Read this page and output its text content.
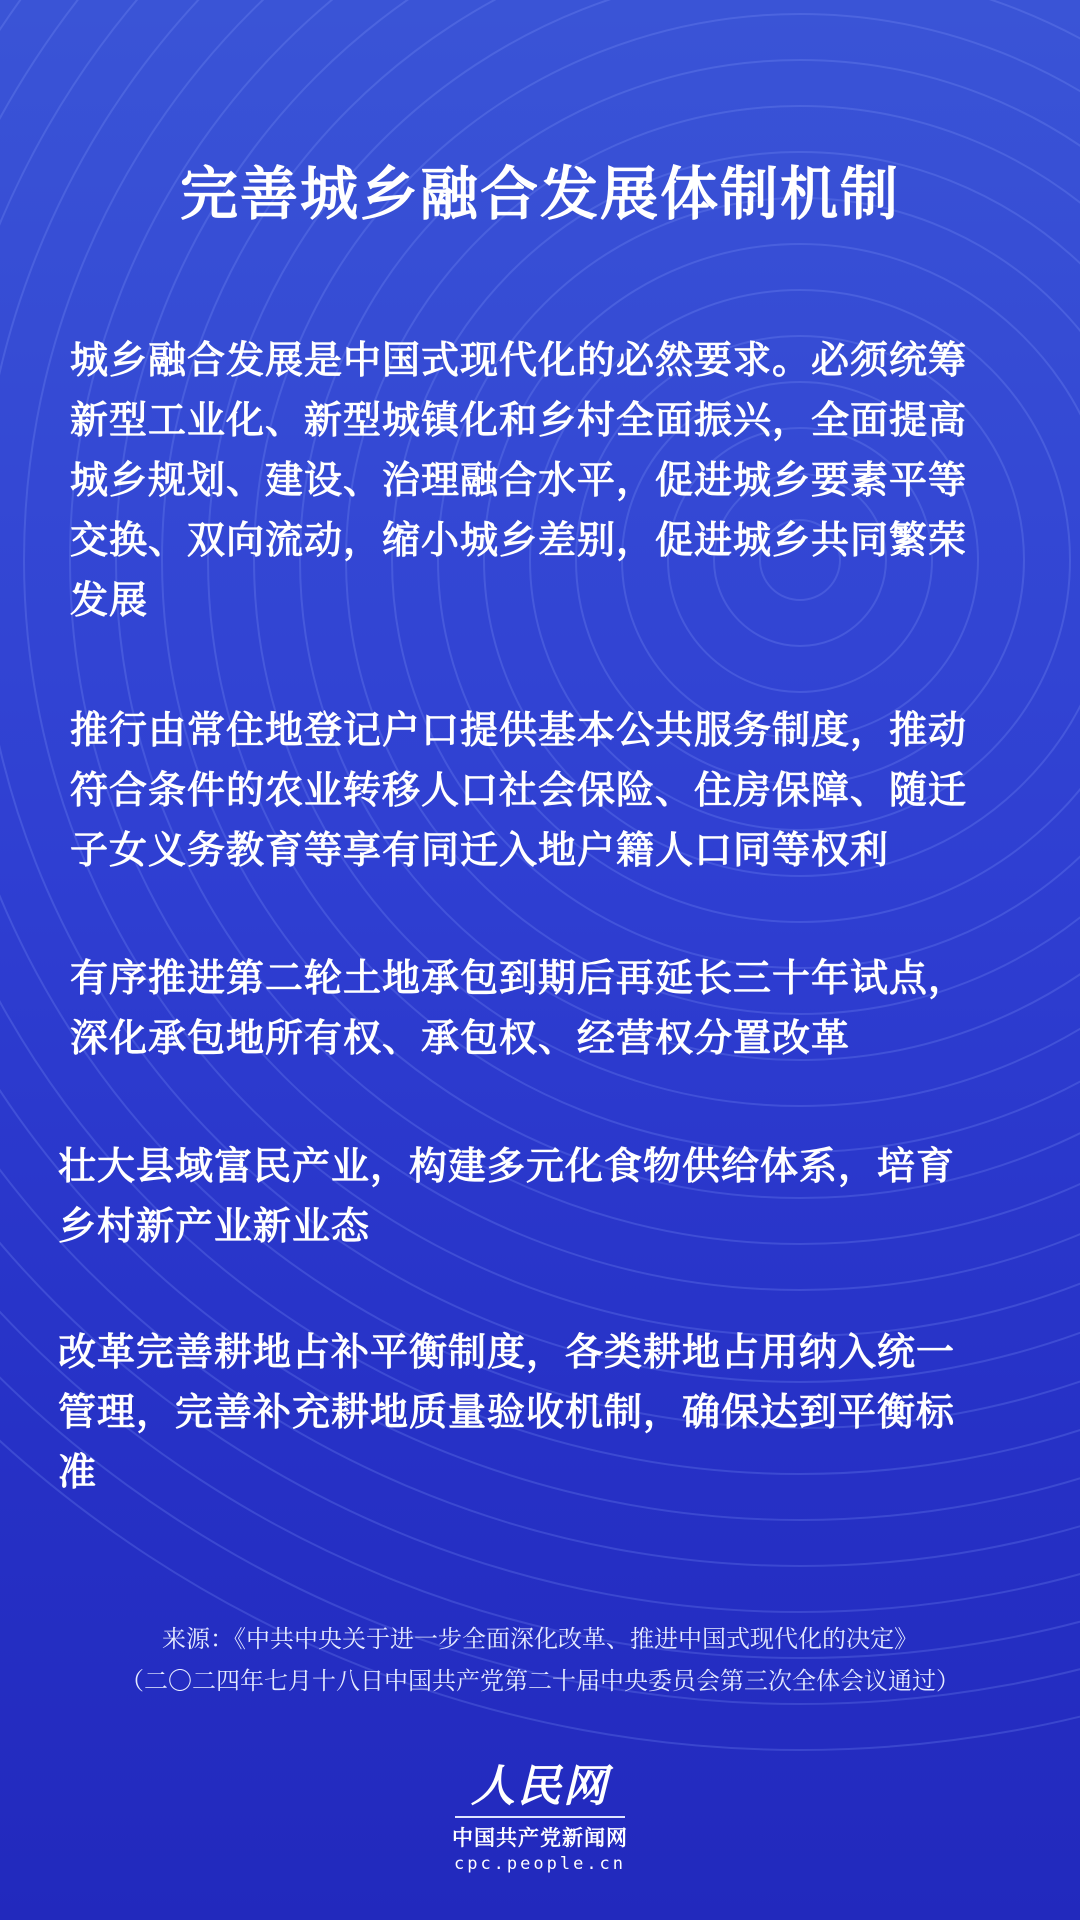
完善城乡融合发展体制机制
城乡融合发展是中国式现代化的必然要求。必须统筹
新型工业化、新型城镇化和乡村全面振兴，全面提高
城乡规划、建设、治理融合水平，促进城乡要素平等
交换、双向流动，缩小城乡差别，促进城乡共同繁荣
发展
推行由常住地登记户口提供基本公共服务制度，推动
符合条件的农业转移人口社会保险、住房保障、随迁
子女义务教育等享有同迁入地户籍人口同等权利
有序推进第二轮土地承包到期后再延长三十年试点，
深化承包地所有权、承包权、经营权分置改革
壮大县域富民产业，构建多元化食物供给体系，培育
乡村新产业新业态
改革完善耕地占补平衡制度，各类耕地占用纳入统一
管理，完善补充耕地质量验收机制，确保达到平衡标
准
来源：《中共中央关于进一步全面深化改革、推进中国式现代化的决定》
（二〇二四年七月十八日中国共产党第二十届中央委员会第三次全体会议通过）
人民网
中国共产党新闻网
cpc.people.cn
